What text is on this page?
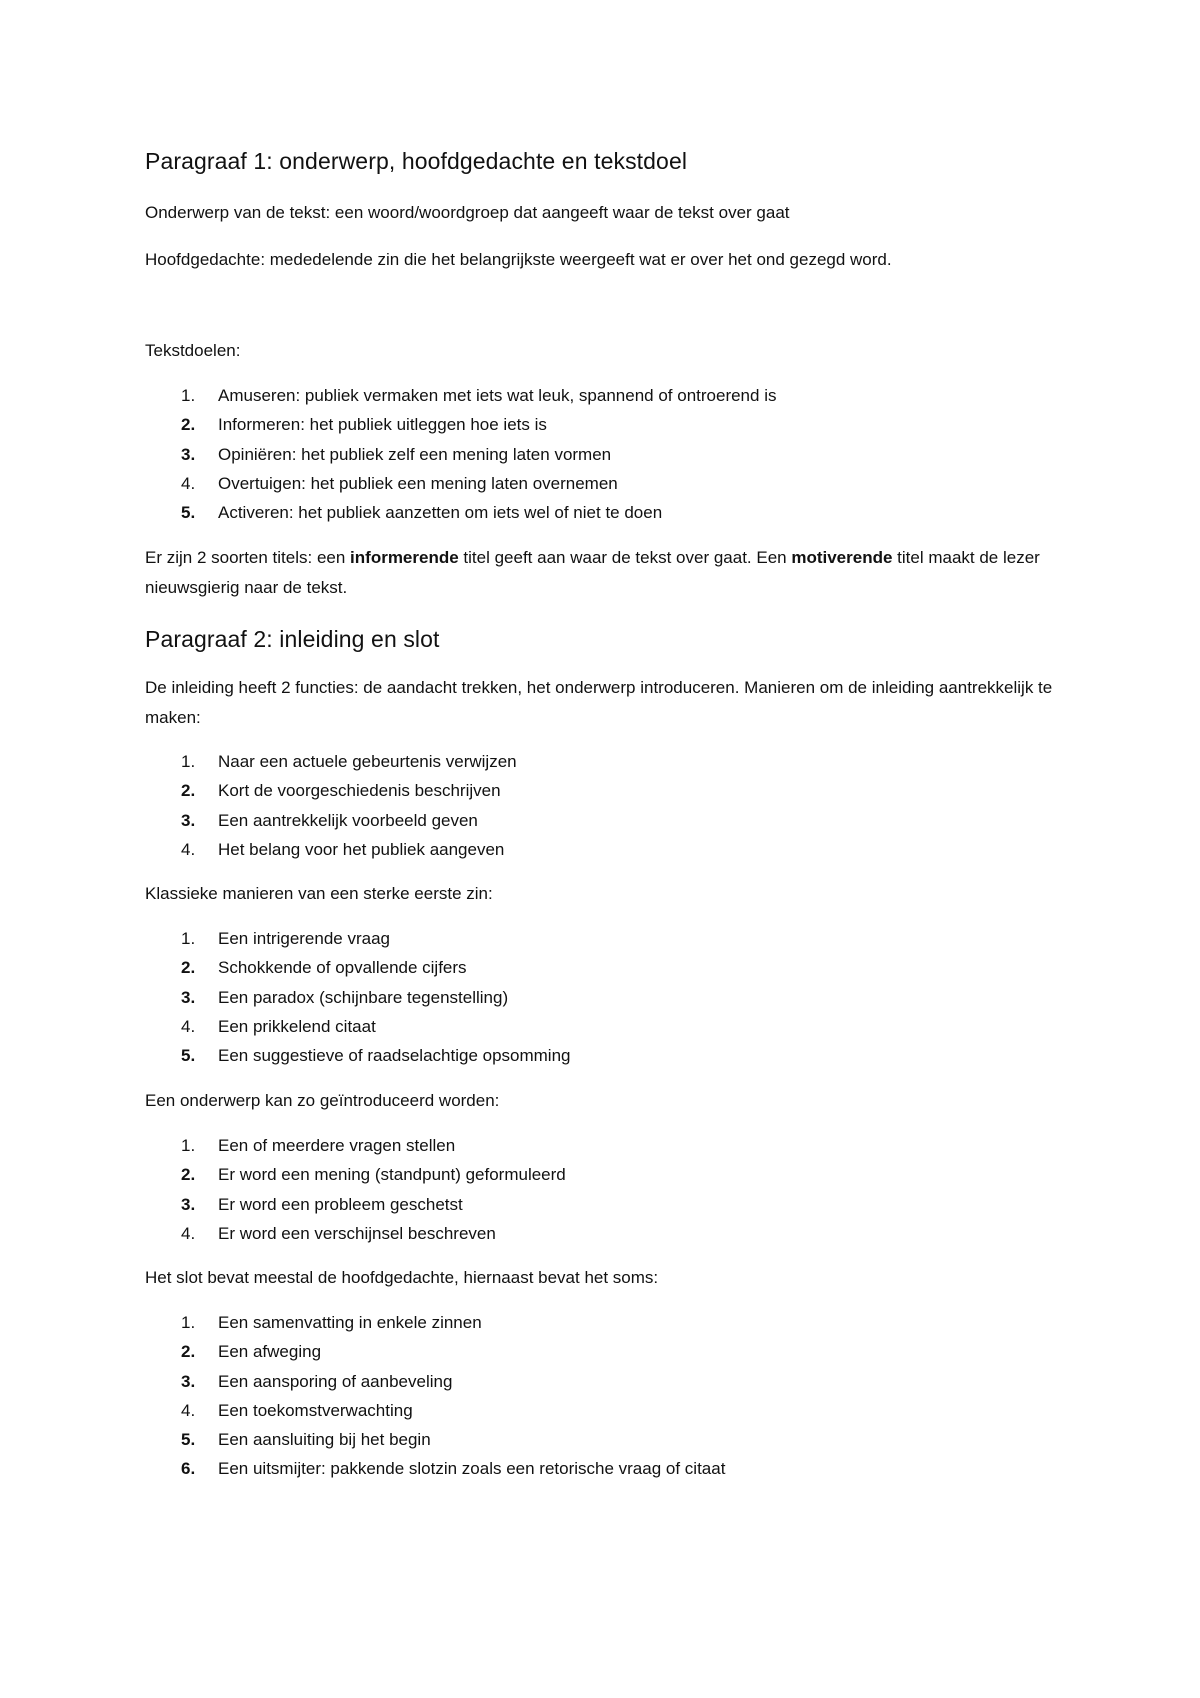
Paragraaf 1: onderwerp, hoofdgedachte en tekstdoel

Onderwerp van de tekst: een woord/woordgroep dat aangeeft waar de tekst over gaat

Hoofdgedachte: mededelende zin die het belangrijkste weergeeft wat er over het ond gezegd word.

Tekstdoelen:

1.	Amuseren: publiek vermaken met iets wat leuk, spannend of ontroerend is
2.	Informeren: het publiek uitleggen hoe iets is
3.	Opiniëren: het publiek zelf een mening laten vormen
4.	Overtuigen: het publiek een mening laten overnemen
5.	Activeren: het publiek aanzetten om iets wel of niet te doen

Er zijn 2 soorten titels: een informerende titel geeft aan waar de tekst over gaat. Een motiverende titel maakt de lezer nieuwsgierig naar de tekst.

Paragraaf 2: inleiding en slot

De inleiding heeft 2 functies: de aandacht trekken, het onderwerp introduceren. Manieren om de inleiding aantrekkelijk te maken:

1.	Naar een actuele gebeurtenis verwijzen
2.	Kort de voorgeschiedenis beschrijven
3.	Een aantrekkelijk voorbeeld geven
4.	Het belang voor het publiek aangeven

Klassieke manieren van een sterke eerste zin:

1.	Een intrigerende vraag
2.	Schokkende of opvallende cijfers
3.	Een paradox (schijnbare tegenstelling)
4.	Een prikkelend citaat
5.	Een suggestieve of raadselachtige opsomming

Een onderwerp kan zo geïntroduceerd worden:

1.	Een of meerdere vragen stellen
2.	Er word een mening (standpunt) geformuleerd
3.	Er word een probleem geschetst
4.	Er word een verschijnsel beschreven

Het slot bevat meestal de hoofdgedachte, hiernaast bevat het soms:

1.	Een samenvatting in enkele zinnen
2.	Een afweging
3.	Een aansporing of aanbeveling
4.	Een toekomstverwachting
5.	Een aansluiting bij het begin
6.	Een uitsmijter: pakkende slotzin zoals een retorische vraag of citaat
